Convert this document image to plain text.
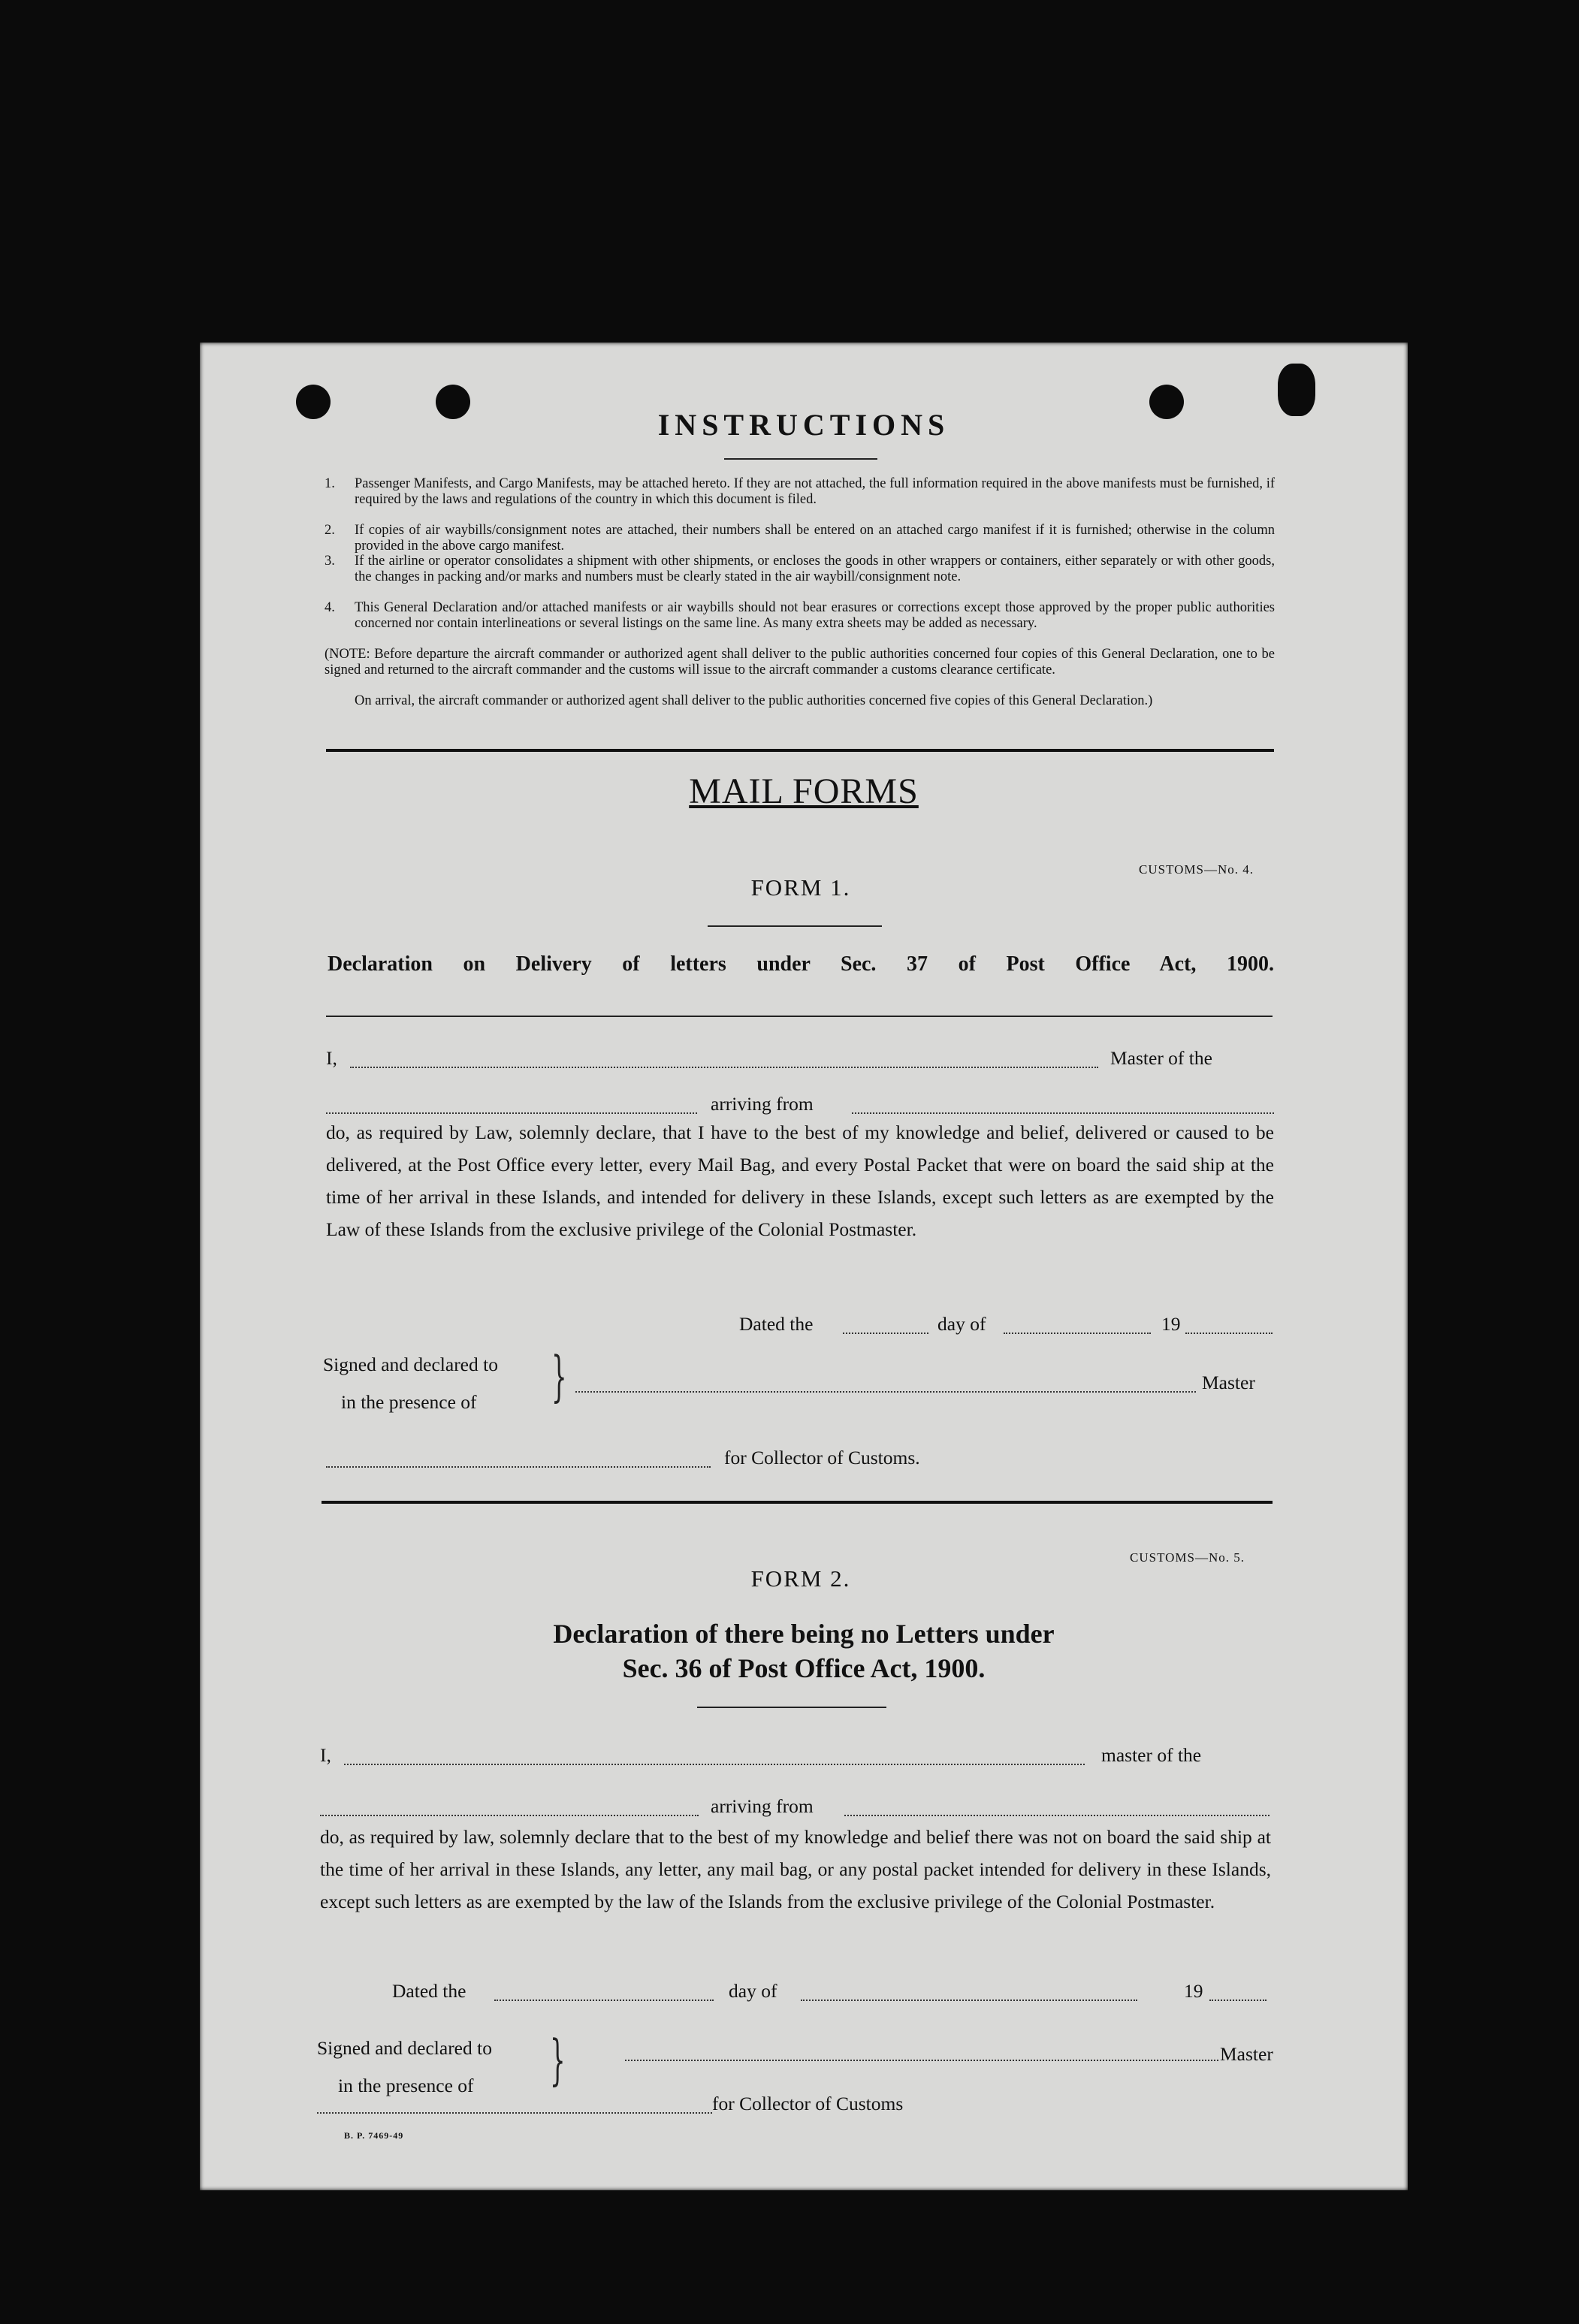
INSTRUCTIONS
1. Passenger Manifests, and Cargo Manifests, may be attached hereto. If they are not attached, the full information required in the above manifests must be furnished, if required by the laws and regulations of the country in which this document is filed.
2. If copies of air waybills/consignment notes are attached, their numbers shall be entered on an attached cargo manifest if it is furnished; otherwise in the column provided in the above cargo manifest.
3. If the airline or operator consolidates a shipment with other shipments, or encloses the goods in other wrappers or containers, either separately or with other goods, the changes in packing and/or marks and numbers must be clearly stated in the air waybill/consignment note.
4. This General Declaration and/or attached manifests or air waybills should not bear erasures or corrections except those approved by the proper public authorities concerned nor contain interlineations or several listings on the same line. As many extra sheets may be added as necessary.
(NOTE: Before departure the aircraft commander or authorized agent shall deliver to the public authorities concerned four copies of this General Declaration, one to be signed and returned to the aircraft commander and the customs will issue to the aircraft commander a customs clearance certificate.
On arrival, the aircraft commander or authorized agent shall deliver to the public authorities concerned five copies of this General Declaration.)
MAIL FORMS
CUSTOMS—No. 4.
FORM 1.
Declaration on Delivery of letters under Sec. 37 of Post Office Act, 1900.
I,	Master of the
arriving from
do, as required by Law, solemnly declare, that I have to the best of my knowledge and belief, delivered or caused to be delivered, at the Post Office every letter, every Mail Bag, and every Postal Packet that were on board the said ship at the time of her arrival in these Islands, and intended for delivery in these Islands, except such letters as are exempted by the Law of these Islands from the exclusive privilege of the Colonial Postmaster.
Dated the	day of	19
Signed and declared to
in the presence of }	Master
for Collector of Customs.
CUSTOMS—No. 5.
FORM 2.
Declaration of there being no Letters under
Sec. 36 of Post Office Act, 1900.
I,	master of the
arriving from
do, as required by law, solemnly declare that to the best of my knowledge and belief there was not on board the said ship at the time of her arrival in these Islands, any letter, any mail bag, or any postal packet intended for delivery in these Islands, except such letters as are exempted by the law of the Islands from the exclusive privilege of the Colonial Postmaster.
Dated the	day of	19
Signed and declared to
in the presence of }	Master
for Collector of Customs
B. P. 7469-49
